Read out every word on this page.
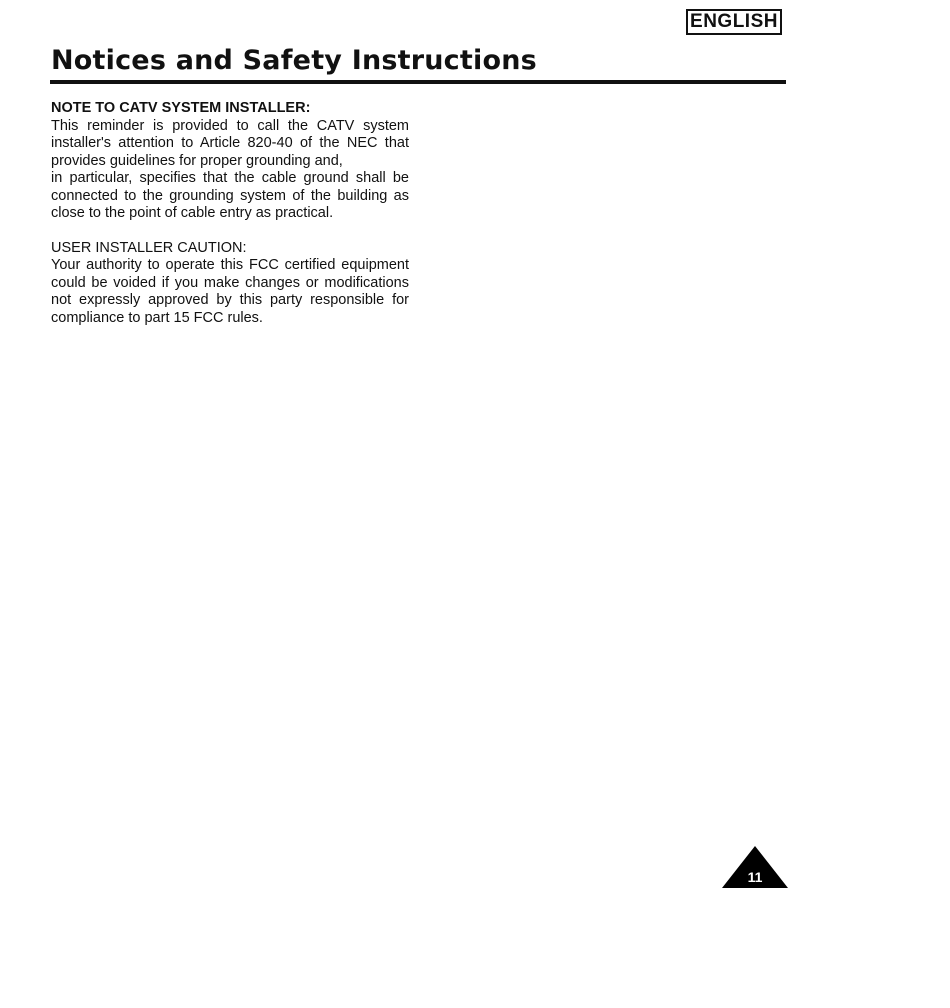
ENGLISH
Notices and Safety Instructions

NOTE TO CATV SYSTEM INSTALLER:

This reminder is provided to call the CATV system
installer's attention to Article 820-40 of the NEC that
provides guidelines for proper grounding and,
in particular, specifies that the cable ground shall be
connected to the grounding system of the building as
close to the point of cable entry as practical.

USER INSTALLER CAUTION:

Your authority to operate this FCC certified equipment
could be voided if you make changes or modifications
not expressly approved by this party responsible for
compliance to part 15 FCC rules.
11
